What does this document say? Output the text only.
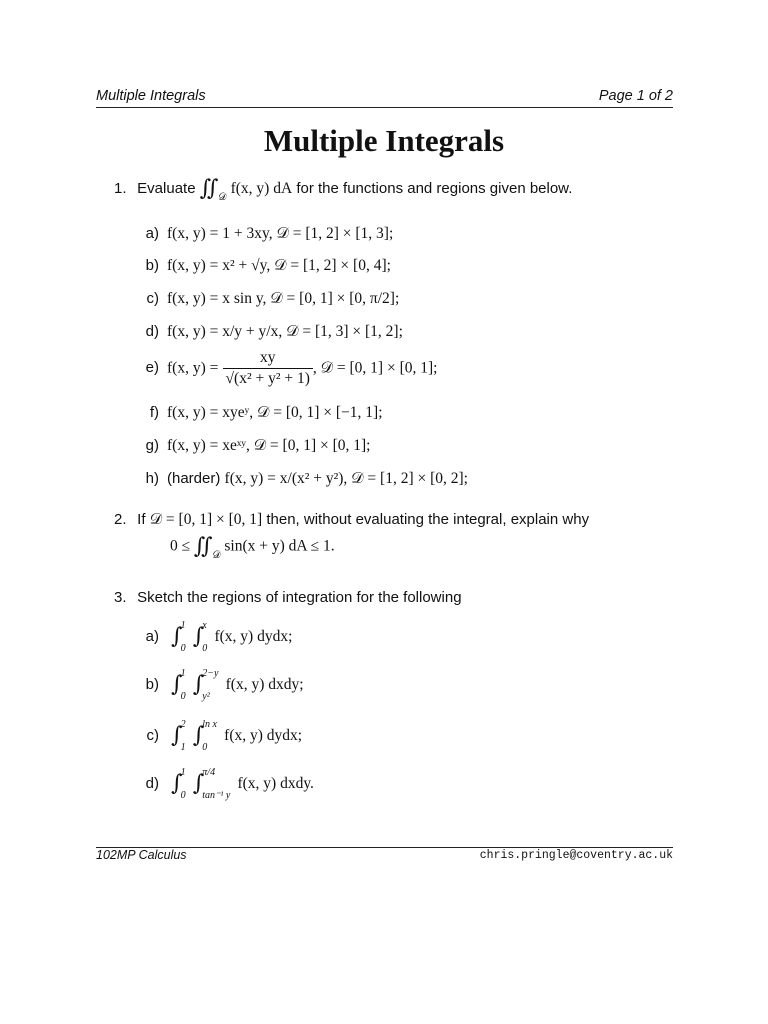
Multiple Integrals	Page 1 of 2
Multiple Integrals
1. Evaluate $∬_𝒟$ f(x, y) dA for the functions and regions given below.
a) f(x, y) = 1 + 3xy, 𝒟 = [1, 2] × [1, 3];
b) f(x, y) = x² + √y, 𝒟 = [1, 2] × [0, 4];
c) f(x, y) = x sin y, 𝒟 = [0, 1] × [0, π/2];
d) f(x, y) = x/y + y/x, 𝒟 = [1, 3] × [1, 2];
e) f(x, $y) = \frac{xy}{\text{√(x² + y² + 1)}}$ , 𝒟 = [0, 1] × [0, 1];
f) f(x, y) = xyeʸ, 𝒟 = [0, 1] × [−1, 1];
g) f(x, y) = xeˣʸ, 𝒟 = [0, 1] × [0, 1];
h) (harder) f(x, y) = x/(x² + y²), 𝒟 = [1, 2] × [0, 2];
2. If 𝒟 = [0, 1] × [0, 1] then, without evaluating the integral, explain why
$0 \le ∬_𝒟$ sin(x + y) dA ≤ 1.
3. Sketch the regions of integration for the following
a) ∫
1
0 ∫
x
0
f(x, y) dydx;
b) ∫
1
0 ∫
2−y
y²
f(x, y) dxdy;
c) ∫
2
1 ∫
ln x
0
f(x, y) dydx;
d) ∫
1
0 ∫
π/4
tan⁻¹ y
f(x, y) dxdy.
102MP Calculus	chris.pringle@coventry.ac.uk
